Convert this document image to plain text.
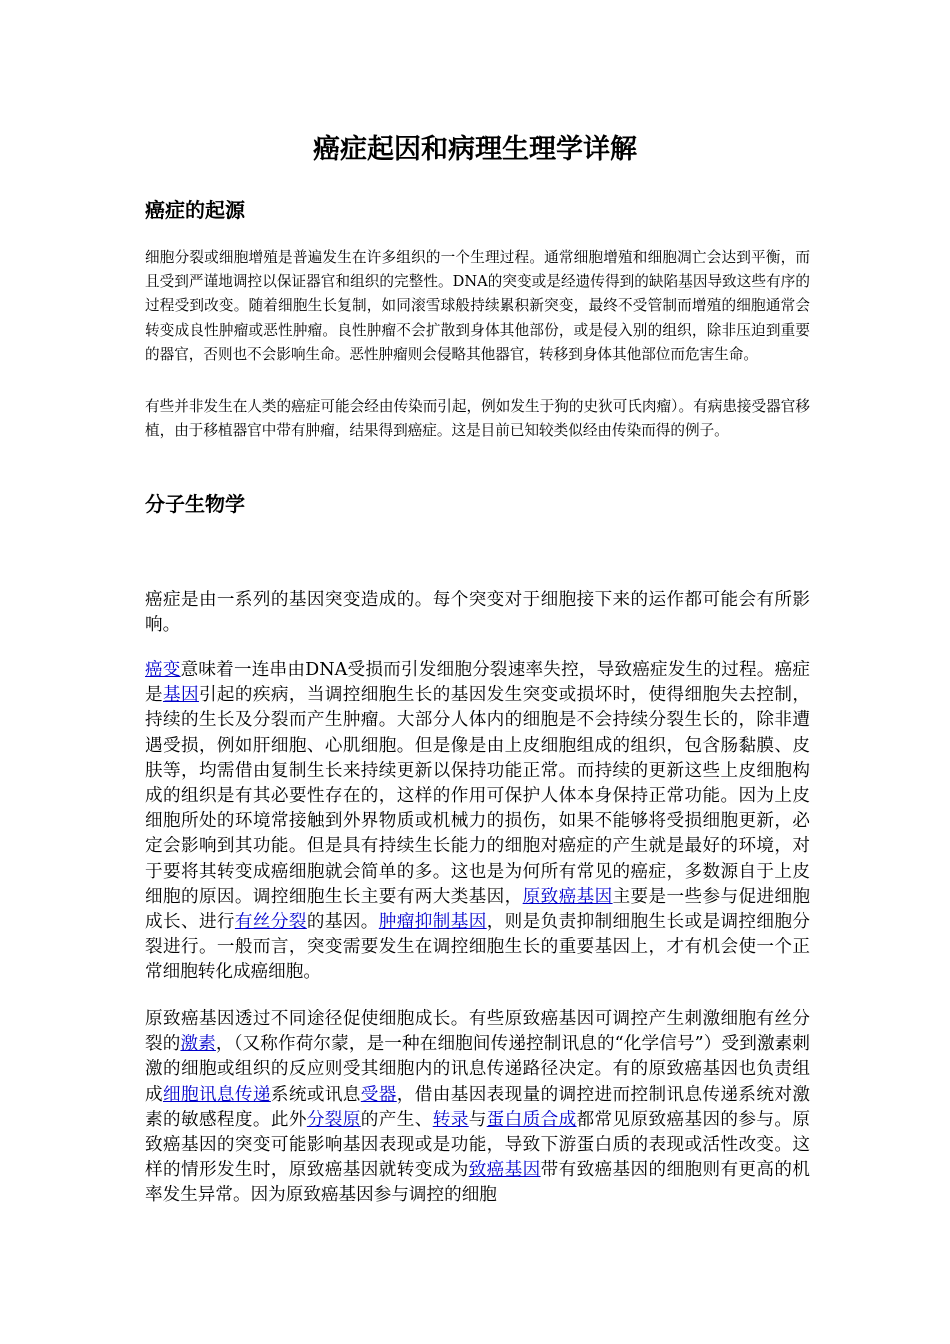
癌症起因和病理生理学详解
癌症的起源

细胞分裂或细胞增殖是普遍发生在许多组织的一个生理过程。通常细胞增殖和细胞凋亡会达到平衡，而且受到严谨地调控以保证器官和组织的完整性。DNA的突变或是经遗传得到的缺陷基因导致这些有序的过程受到改变。随着细胞生长复制，如同滚雪球般持续累积新突变，最终不受管制而增殖的细胞通常会转变成良性肿瘤或恶性肿瘤。良性肿瘤不会扩散到身体其他部份，或是侵入别的组织，除非压迫到重要的器官，否则也不会影响生命。恶性肿瘤则会侵略其他器官，转移到身体其他部位而危害生命。

有些并非发生在人类的癌症可能会经由传染而引起，例如发生于狗的史狄可氏肉瘤）。有病患接受器官移植，由于移植器官中带有肿瘤，结果得到癌症。这是目前已知较类似经由传染而得的例子。

分子生物学

癌症是由一系列的基因突变造成的。每个突变对于细胞接下来的运作都可能会有所影响。

癌变意味着一连串由DNA受损而引发细胞分裂速率失控，导致癌症发生的过程。癌症是基因引起的疾病，当调控细胞生长的基因发生突变或损坏时，使得细胞失去控制，持续的生长及分裂而产生肿瘤。大部分人体内的细胞是不会持续分裂生长的，除非遭遇受损，例如肝细胞、心肌细胞。但是像是由上皮细胞组成的组织，包含肠黏膜、皮肤等，均需借由复制生长来持续更新以保持功能正常。而持续的更新这些上皮细胞构成的组织是有其必要性存在的，这样的作用可保护人体本身保持正常功能。因为上皮细胞所处的环境常接触到外界物质或机械力的损伤，如果不能够将受损细胞更新，必定会影响到其功能。但是具有持续生长能力的细胞对癌症的产生就是最好的环境，对于要将其转变成癌细胞就会简单的多。这也是为何所有常见的癌症，多数源自于上皮细胞的原因。调控细胞生长主要有两大类基因，原致癌基因主要是一些参与促进细胞成长、进行有丝分裂的基因。肿瘤抑制基因，则是负责抑制细胞生长或是调控细胞分裂进行。一般而言，突变需要发生在调控细胞生长的重要基因上，才有机会使一个正常细胞转化成癌细胞。

原致癌基因透过不同途径促使细胞成长。有些原致癌基因可调控产生刺激细胞有丝分裂的激素，（又称作荷尔蒙，是一种在细胞间传递控制讯息的“化学信号”）受到激素刺激的细胞或组织的反应则受其细胞内的讯息传递路径决定。有的原致癌基因也负责组成细胞讯息传递系统或讯息受器，借由基因表现量的调控进而控制讯息传递系统对激素的敏感程度。此外分裂原的产生、转录与蛋白质合成都常见原致癌基因的参与。原致癌基因的突变可能影响基因表现或是功能，导致下游蛋白质的表现或活性改变。这样的情形发生时，原致癌基因就转变成为致癌基因带有致癌基因的细胞则有更高的机率发生异常。因为原致癌基因参与调控的细胞
